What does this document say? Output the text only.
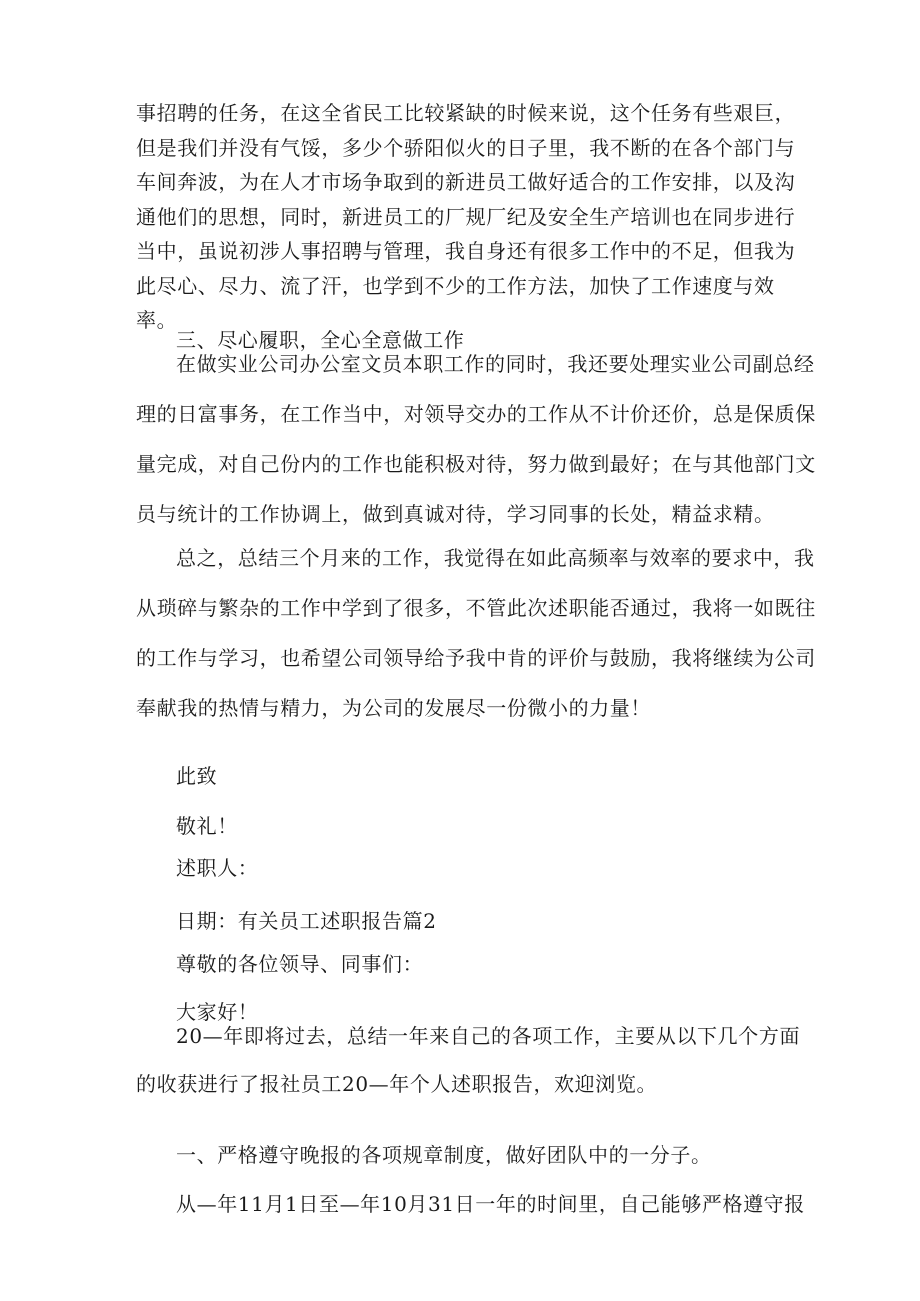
事招聘的任务，在这全省民工比较紧缺的时候来说，这个任务有些艰巨，
但是我们并没有气馁，多少个骄阳似火的日子里，我不断的在各个部门与
车间奔波，为在人才市场争取到的新进员工做好适合的工作安排，以及沟
通他们的思想，同时，新进员工的厂规厂纪及安全生产培训也在同步进行
当中，虽说初涉人事招聘与管理，我自身还有很多工作中的不足，但我为
此尽心、尽力、流了汗，也学到不少的工作方法，加快了工作速度与效
率。

三、尽心履职，全心全意做工作

在做实业公司办公室文员本职工作的同时，我还要处理实业公司副总经

理的日富事务，在工作当中，对领导交办的工作从不计价还价，总是保质保

量完成，对自己份内的工作也能积极对待，努力做到最好；在与其他部门文

员与统计的工作协调上，做到真诚对待，学习同事的长处，精益求精。

总之，总结三个月来的工作，我觉得在如此高频率与效率的要求中，我

从琐碎与繁杂的工作中学到了很多，不管此次述职能否通过，我将一如既往

的工作与学习，也希望公司领导给予我中肯的评价与鼓励，我将继续为公司

奉献我的热情与精力，为公司的发展尽一份微小的力量！

此致

敬礼！

述职人：

日期：有关员工述职报告篇2

尊敬的各位领导、同事们：

大家好！

20—年即将过去，总结一年来自己的各项工作，主要从以下几个方面

的收获进行了报社员工20—年个人述职报告，欢迎浏览。

一、严格遵守晚报的各项规章制度，做好团队中的一分子。

从—年11月1日至—年10月31日一年的时间里，自己能够严格遵守报
